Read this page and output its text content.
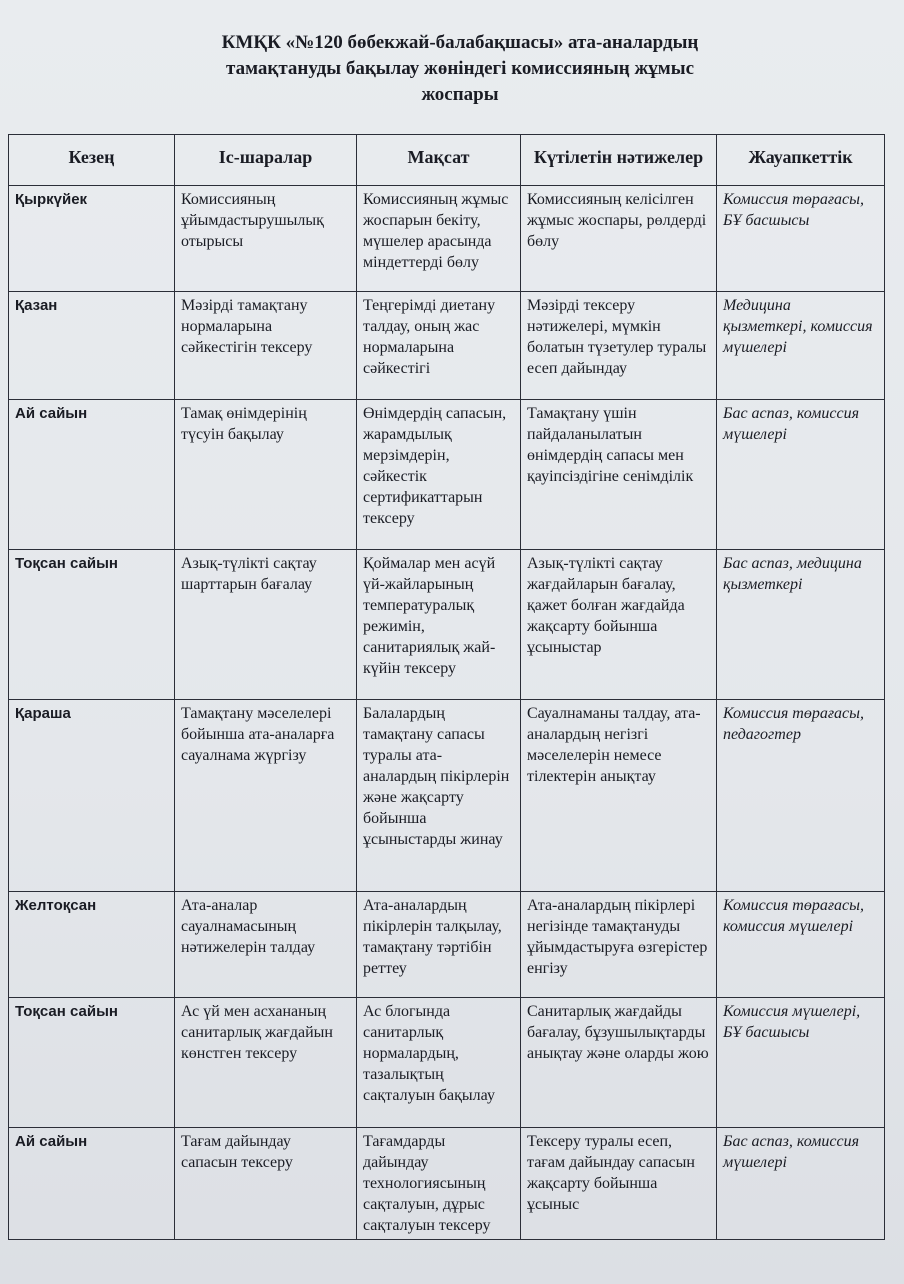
КМҚК «№120 бөбекжай-балабақшасы» ата-аналардың
тамақтануды бақылау жөніндегі комиссияның жұмыс
жоспары
Кезең	Іс-шаралар	Мақсат	Күтілетін нәтижелер	Жауапкеттік
Қыркүйек	Комиссияның ұйымдастырушылық отырысы	Комиссияның жұмыс жоспарын бекіту, мүшелер арасында міндеттерді бөлу	Комиссияның келісілген жұмыс жоспары, рөлдерді бөлу	Комиссия төрағасы, БҰ басшысы
Қазан	Мәзірді тамақтану нормаларына сәйкестігін тексеру	Теңгерімді диетану талдау, оның жас нормаларына сәйкестігі	Мәзірді тексеру нәтижелері, мүмкін болатын түзетулер туралы есеп дайындау	Медицина қызметкері, комиссия мүшелері
Ай сайын	Тамақ өнімдерінің түсуін бақылау	Өнімдердің сапасын, жарамдылық мерзімдерін, сәйкестік сертификаттарын тексеру	Тамақтану үшін пайдаланылатын өнімдердің сапасы мен қауіпсіздігіне сенімділік	Бас аспаз, комиссия мүшелері
Тоқсан сайын	Азық-түлікті сақтау шарттарын бағалау	Қоймалар мен асүй үй-жайларының температуралық режимін, санитариялық жай-күйін тексеру	Азық-түлікті сақтау жағдайларын бағалау, қажет болған жағдайда жақсарту бойынша ұсыныстар	Бас аспаз, медицина қызметкері
Қараша	Тамақтану мәселелері бойынша ата-аналарға сауалнама жүргізу	Балалардың тамақтану сапасы туралы ата-аналардың пікірлерін және жақсарту бойынша ұсыныстарды жинау	Сауалнаманы талдау, ата-аналардың негізгі мәселелерін немесе тілектерін анықтау	Комиссия төрағасы, педагогтер
Желтоқсан	Ата-аналар сауалнамасының нәтижелерін талдау	Ата-аналардың пікірлерін талқылау, тамақтану тәртібін реттеу	Ата-аналардың пікірлері негізінде тамақтануды ұйымдастыруға өзгерістер енгізу	Комиссия төрағасы, комиссия мүшелері
Тоқсан сайын	Ас үй мен асхананың санитарлық жағдайын көнстген тексеру	Ас блогында санитарлық нормалардың, тазалықтың сақталуын бақылау	Санитарлық жағдайды бағалау, бұзушылықтарды анықтау және оларды жою	Комиссия мүшелері, БҰ басшысы
Ай сайын	Тағам дайындау сапасын тексеру	Тағамдарды дайындау технологиясының сақталуын, дұрыс сақталуын тексеру	Тексеру туралы есеп, тағам дайындау сапасын жақсарту бойынша ұсыныс	Бас аспаз, комиссия мүшелері
